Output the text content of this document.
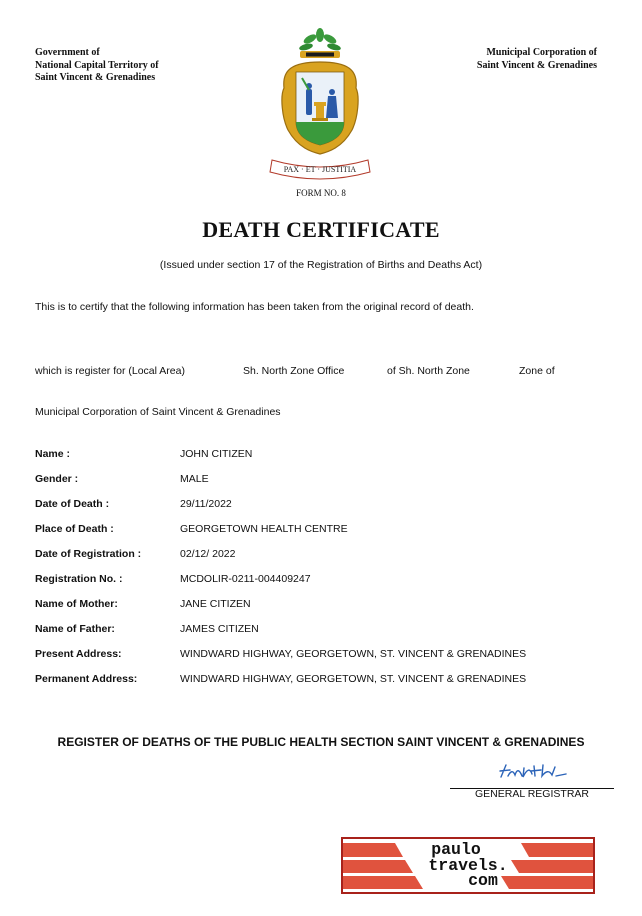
Government of
National Capital Territory of
Saint Vincent & Grenadines
Municipal Corporation of
Saint Vincent & Grenadines
PAX · ET · JUSTITIA
FORM NO. 8
DEATH CERTIFICATE
(Issued under section 17 of the Registration of Births and Deaths Act)
This is to certify that the following information has been taken from the original record of death.
which is register for (Local Area)	Sh. North Zone Office	of Sh. North Zone	Zone of
Municipal Corporation of Saint Vincent & Grenadines
Name :	JOHN CITIZEN
Gender :	MALE
Date of Death :	29/11/2022
Place of Death :	GEORGETOWN HEALTH CENTRE
Date of Registration :	02/12/ 2022
Registration No. :	MCDOLIR-0211-004409247
Name of Mother:	JANE CITIZEN
Name of Father:	JAMES CITIZEN
Present Address:	WINDWARD HIGHWAY, GEORGETOWN, ST. VINCENT & GRENADINES
Permanent Address:	WINDWARD HIGHWAY, GEORGETOWN, ST. VINCENT & GRENADINES
REGISTER OF DEATHS OF THE PUBLIC HEALTH SECTION SAINT VINCENT & GRENADINES
GENERAL REGISTRAR
paulo
travels.
com
